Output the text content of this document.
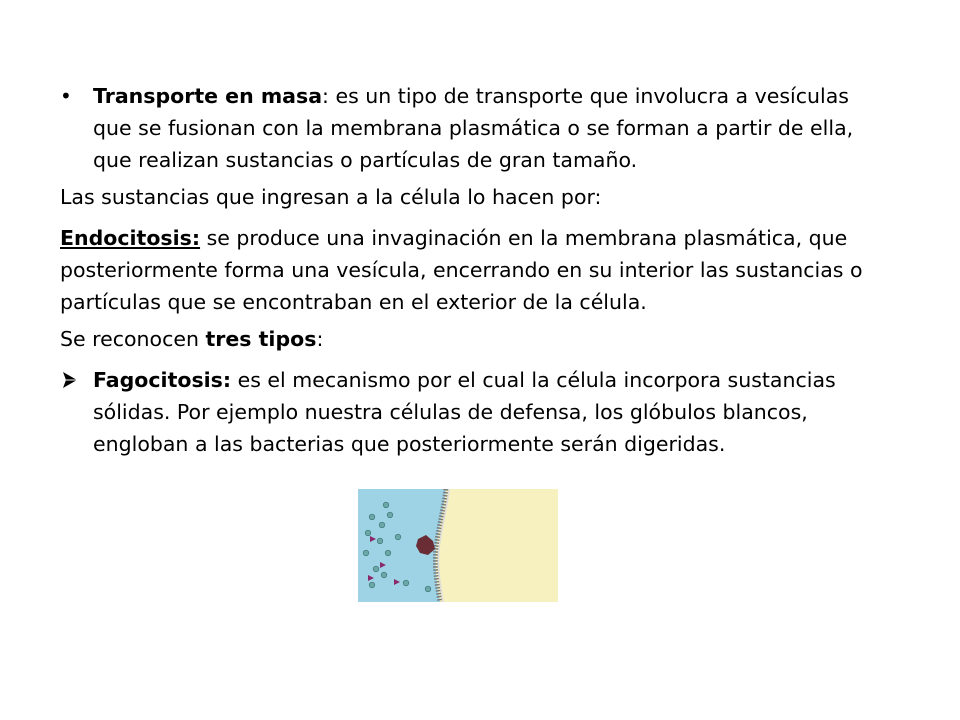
• Transporte en masa: es un tipo de transporte que involucra a vesículas que se fusionan con la membrana plasmática o se forman a partir de ella, que realizan sustancias o partículas de gran tamaño.
Las sustancias que ingresan a la célula lo hacen por:
Endocitosis: se produce una invaginación en la membrana plasmática, que posteriormente forma una vesícula, encerrando en su interior las sustancias o partículas que se encontraban en el exterior de la célula.
Se reconocen tres tipos:
Fagocitosis: es el mecanismo por el cual la célula incorpora sustancias sólidas. Por ejemplo nuestra células de defensa, los glóbulos blancos, engloban a las bacterias que posteriormente serán digeridas.
